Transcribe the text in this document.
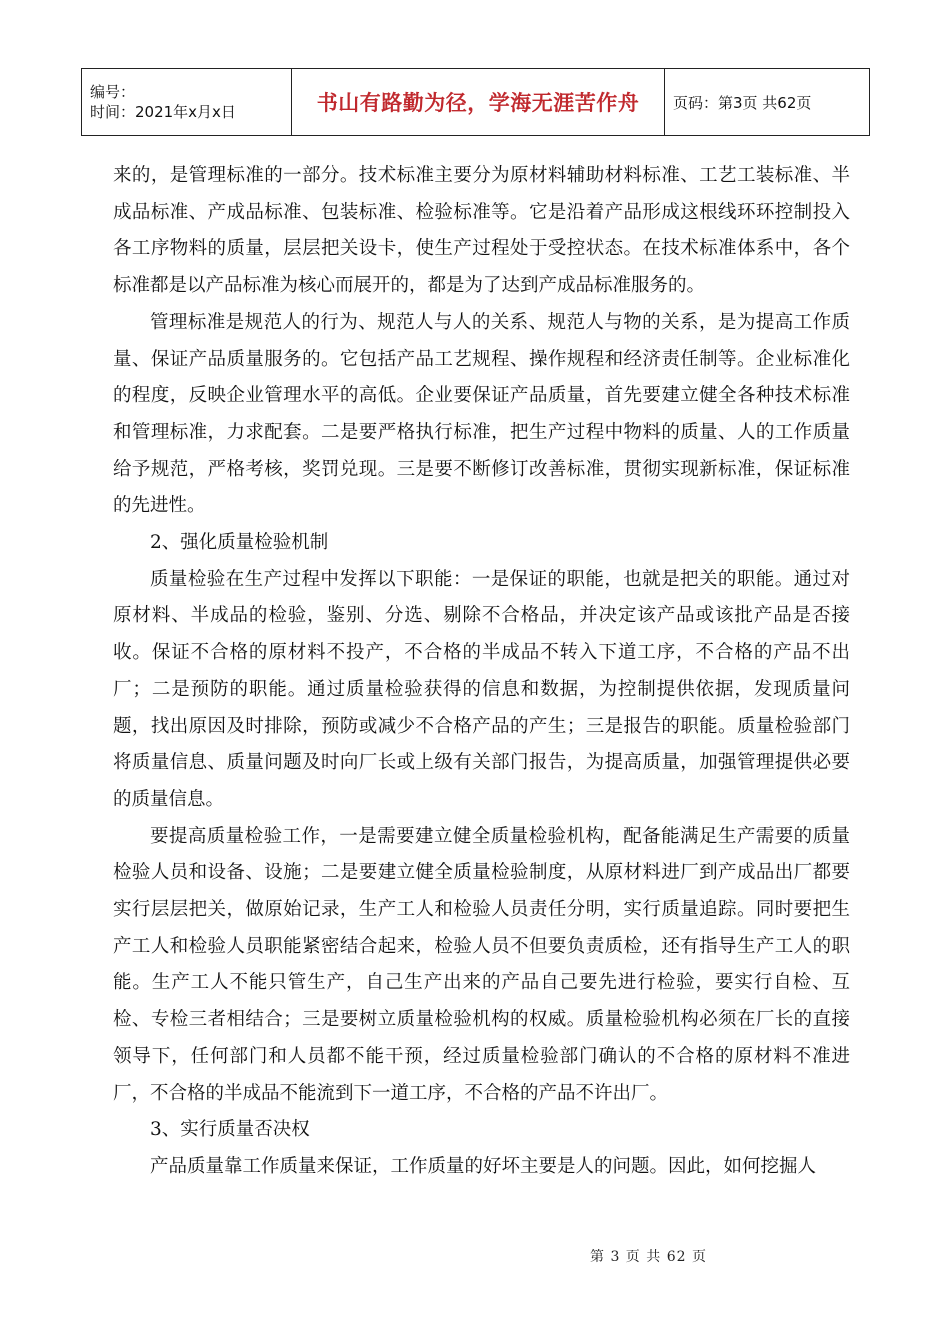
编号：
时间：2021年x月x日	书山有路勤为径，学海无涯苦作舟	页码：第3页 共62页

来的，是管理标准的一部分。技术标准主要分为原材料辅助材料标准、工艺工装标准、半成品标准、产成品标准、包装标准、检验标准等。它是沿着产品形成这根线环环控制投入各工序物料的质量，层层把关设卡，使生产过程处于受控状态。在技术标准体系中，各个标准都是以产品标准为核心而展开的，都是为了达到产成品标准服务的。

管理标准是规范人的行为、规范人与人的关系、规范人与物的关系，是为提高工作质量、保证产品质量服务的。它包括产品工艺规程、操作规程和经济责任制等。企业标准化的程度，反映企业管理水平的高低。企业要保证产品质量，首先要建立健全各种技术标准和管理标准，力求配套。二是要严格执行标准，把生产过程中物料的质量、人的工作质量给予规范，严格考核，奖罚兑现。三是要不断修订改善标准，贯彻实现新标准，保证标准的先进性。

2、强化质量检验机制

质量检验在生产过程中发挥以下职能：一是保证的职能，也就是把关的职能。通过对原材料、半成品的检验，鉴别、分选、剔除不合格品，并决定该产品或该批产品是否接收。保证不合格的原材料不投产，不合格的半成品不转入下道工序，不合格的产品不出厂；二是预防的职能。通过质量检验获得的信息和数据，为控制提供依据，发现质量问题，找出原因及时排除，预防或减少不合格产品的产生；三是报告的职能。质量检验部门将质量信息、质量问题及时向厂长或上级有关部门报告，为提高质量，加强管理提供必要的质量信息。

要提高质量检验工作，一是需要建立健全质量检验机构，配备能满足生产需要的质量检验人员和设备、设施；二是要建立健全质量检验制度，从原材料进厂到产成品出厂都要实行层层把关，做原始记录，生产工人和检验人员责任分明，实行质量追踪。同时要把生产工人和检验人员职能紧密结合起来，检验人员不但要负责质检，还有指导生产工人的职能。生产工人不能只管生产，自己生产出来的产品自己要先进行检验，要实行自检、互检、专检三者相结合；三是要树立质量检验机构的权威。质量检验机构必须在厂长的直接领导下，任何部门和人员都不能干预，经过质量检验部门确认的不合格的原材料不准进厂，不合格的半成品不能流到下一道工序，不合格的产品不许出厂。

3、实行质量否决权

产品质量靠工作质量来保证，工作质量的好坏主要是人的问题。因此，如何挖掘人

第 3 页 共 62 页
